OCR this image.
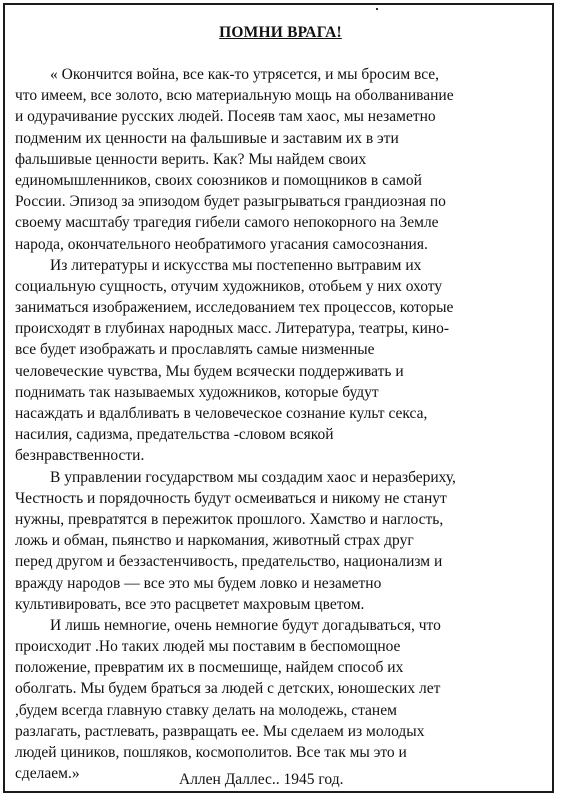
ПОМНИ ВРАГА!
« Окончится война, все как-то утрясется, и мы бросим все,
что имеем, все золото, всю материальную мощь на оболванивание
и одурачивание русских людей. Посеяв там хаос, мы незаметно
подменим их ценности на фальшивые и заставим их в эти
фальшивые ценности верить. Как? Мы найдем своих
единомышленников, своих союзников и помощников в самой
России. Эпизод за эпизодом будет разыгрываться грандиозная по
своему масштабу трагедия гибели самого непокорного на Земле
народа, окончательного необратимого угасания самосознания.
Из литературы и искусства мы постепенно вытравим их
социальную сущность, отучим художников, отобьем у них охоту
заниматься изображением, исследованием тех процессов, которые
происходят в глубинах народных масс. Литература, театры, кино-
все будет изображать и прославлять самые низменные
человеческие чувства, Мы будем всячески поддерживать и
поднимать так называемых художников, которые будут
насаждать и вдалбливать в человеческое сознание культ секса,
насилия, садизма, предательства -словом всякой
безнравственности.
В управлении государством мы создадим хаос и неразбериху,
Честность и порядочность будут осмеиваться и никому не станут
нужны, превратятся в пережиток прошлого. Хамство и наглость,
ложь и обман, пьянство и наркомания, животный страх друг
перед другом и беззастенчивость, предательство, национализм и
вражду народов — все это мы будем ловко и незаметно
культивировать, все это расцветет махровым цветом.
И лишь немногие, очень немногие будут догадываться, что
происходит .Но таких людей мы поставим в беспомощное
положение, превратим их в посмешище, найдем способ их
оболгать. Мы будем браться за людей с детских, юношеских лет
,будем всегда главную ставку делать на молодежь, станем
разлагать, растлевать, развращать ее. Мы сделаем из молодых
людей циников, пошляков, космополитов. Все так мы это и
сделаем.»	Аллен Даллес.. 1945 год.
